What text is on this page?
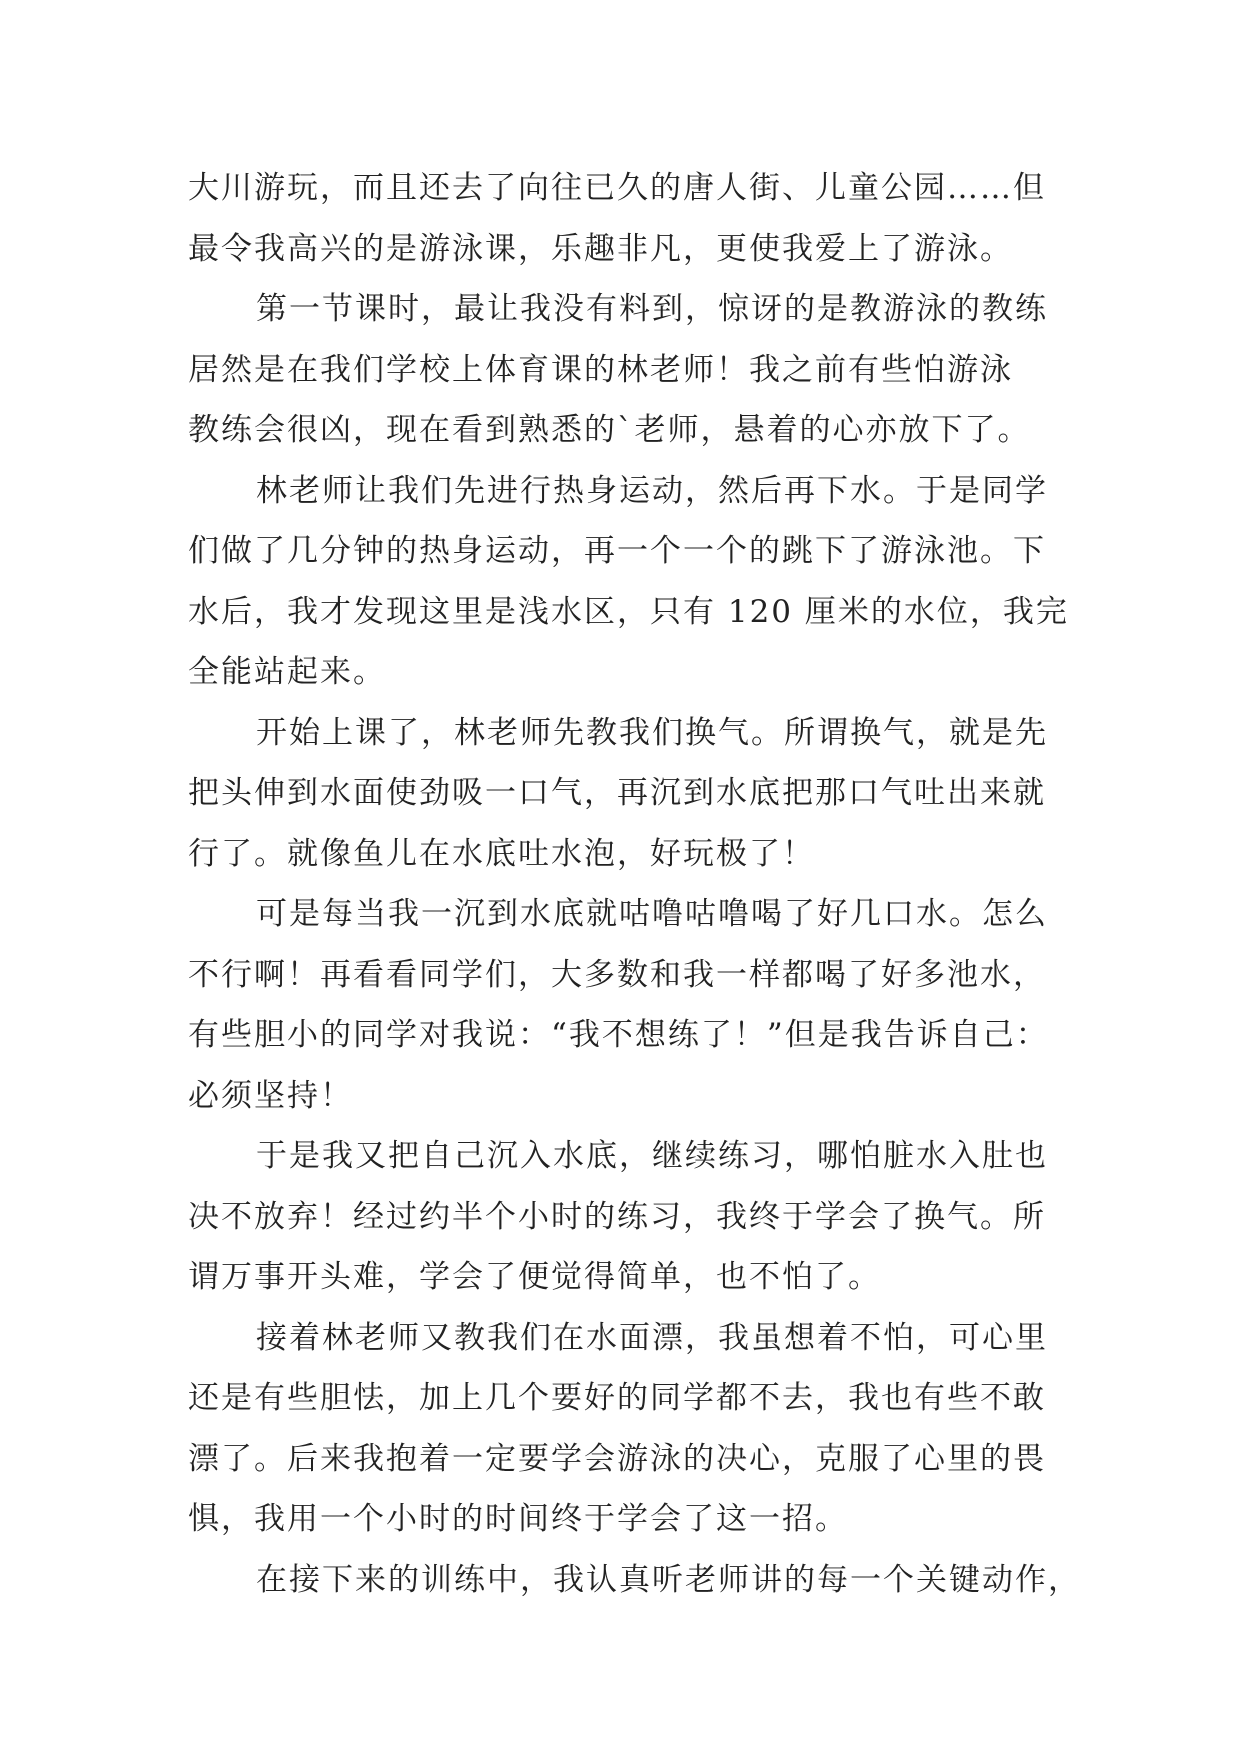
大川游玩，而且还去了向往已久的唐人街、儿童公园……但
最令我高兴的是游泳课，乐趣非凡，更使我爱上了游泳。
第一节课时，最让我没有料到，惊讶的是教游泳的教练
居然是在我们学校上体育课的林老师！我之前有些怕游泳
教练会很凶，现在看到熟悉的`老师，悬着的心亦放下了。
林老师让我们先进行热身运动，然后再下水。于是同学
们做了几分钟的热身运动，再一个一个的跳下了游泳池。下
水后，我才发现这里是浅水区，只有 120 厘米的水位，我完
全能站起来。
开始上课了，林老师先教我们换气。所谓换气，就是先
把头伸到水面使劲吸一口气，再沉到水底把那口气吐出来就
行了。就像鱼儿在水底吐水泡，好玩极了！
可是每当我一沉到水底就咕噜咕噜喝了好几口水。怎么
不行啊！再看看同学们，大多数和我一样都喝了好多池水，
有些胆小的同学对我说：“我不想练了！”但是我告诉自己：
必须坚持！
于是我又把自己沉入水底，继续练习，哪怕脏水入肚也
决不放弃！经过约半个小时的练习，我终于学会了换气。所
谓万事开头难，学会了便觉得简单，也不怕了。
接着林老师又教我们在水面漂，我虽想着不怕，可心里
还是有些胆怯，加上几个要好的同学都不去，我也有些不敢
漂了。后来我抱着一定要学会游泳的决心，克服了心里的畏
惧，我用一个小时的时间终于学会了这一招。
在接下来的训练中，我认真听老师讲的每一个关键动作，
